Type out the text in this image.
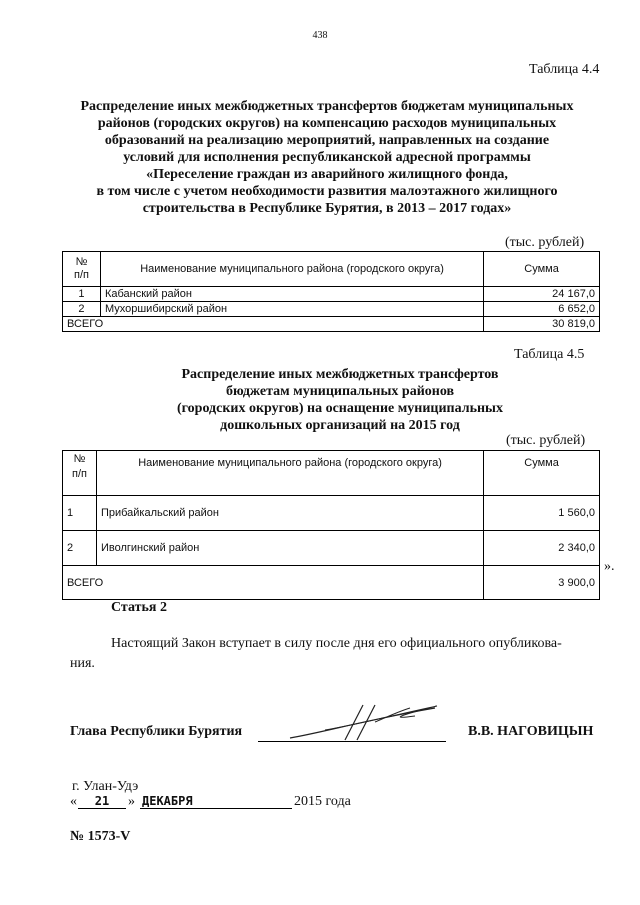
438
Таблица 4.4
Распределение иных межбюджетных трансфертов бюджетам муниципальных
районов (городских округов) на компенсацию расходов муниципальных
образований на реализацию мероприятий, направленных на создание
условий для исполнения республиканской адресной программы
«Переселение граждан из аварийного жилищного фонда,
в том числе с учетом необходимости развития малоэтажного жилищного
строительства в Республике Бурятия, в 2013 – 2017 годах»
(тыс. рублей)
№
п/п	Наименование муниципального района (городского округа)	Сумма
1	Кабанский район	24 167,0
2	Мухоршибирский район	6 652,0
ВСЕГО		30 819,0
Таблица 4.5
Распределение иных межбюджетных трансфертов
бюджетам муниципальных районов
(городских округов) на оснащение муниципальных
дошкольных организаций на 2015 год
(тыс. рублей)
№
п/п	Наименование муниципального района (городского округа)	Сумма
1	Прибайкальский район	1 560,0
2	Иволгинский район	2 340,0
ВСЕГО		3 900,0
».
Статья 2
Настоящий Закон вступает в силу после дня его официального опубликова-
ния.
Глава Республики Бурятия	В.В. НАГОВИЦЫН
г. Улан-Удэ
«	21	» ДЕКАБРЯ	2015 года
№ 1573-V
